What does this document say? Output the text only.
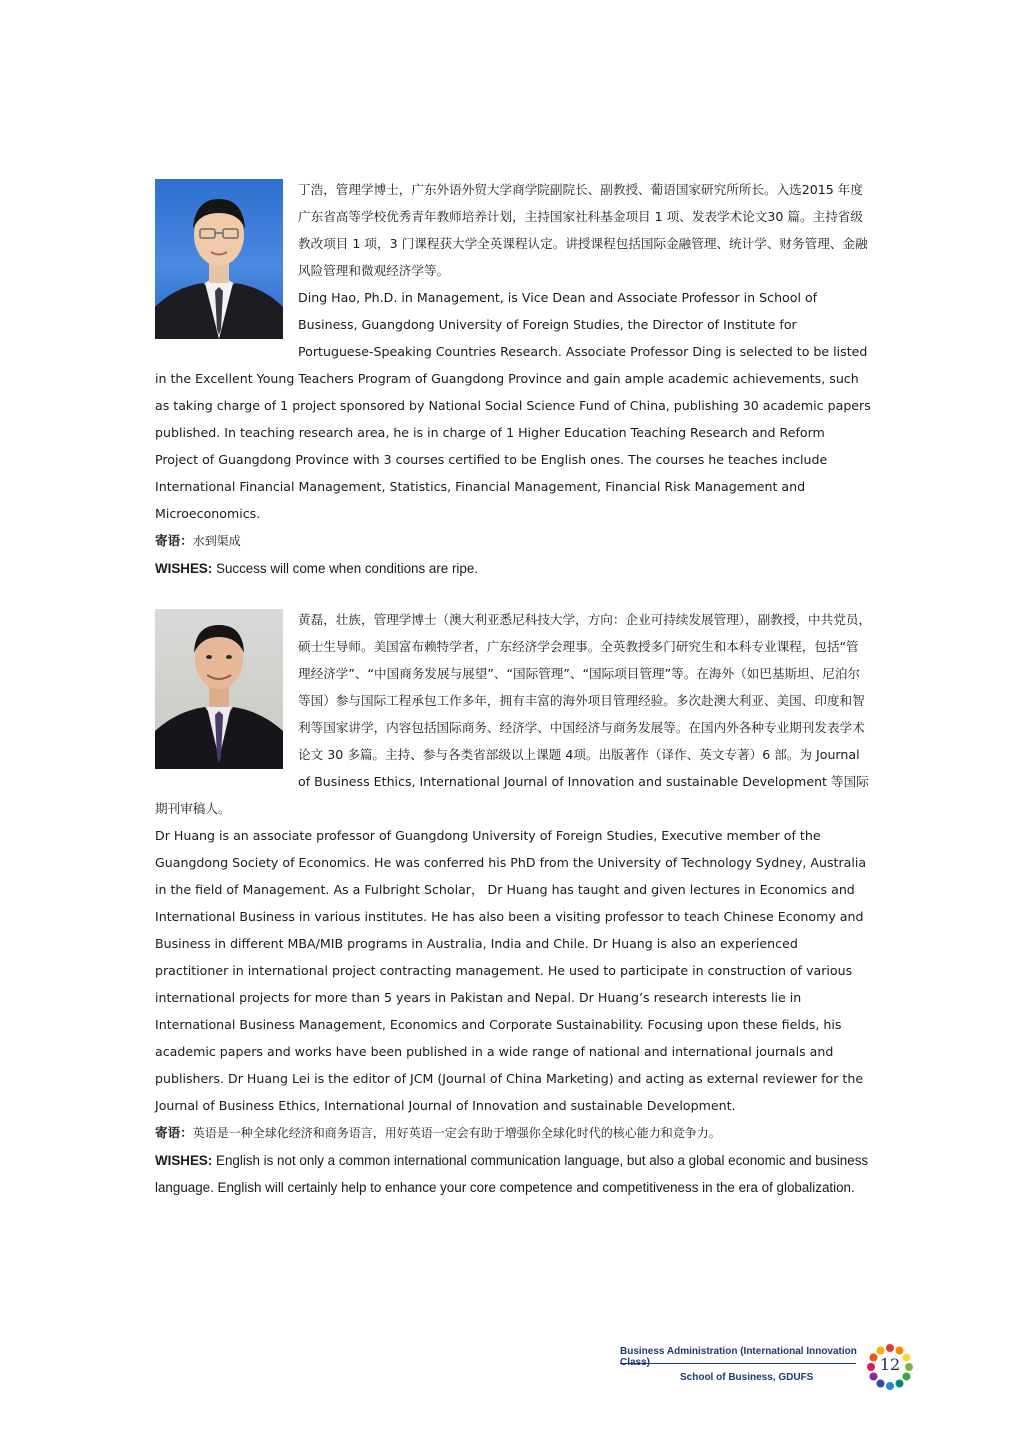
丁浩，管理学博士，广东外语外贸大学商学院副院长、副教授、葡语国家研究所所长。入选2015 年度广东省高等学校优秀青年教师培养计划，主持国家社科基金项目 1 项、发表学术论文30 篇。主持省级教改项目 1 项，3 门课程获大学全英课程认定。讲授课程包括国际金融管理、统计学、财务管理、金融风险管理和微观经济学等。

Ding Hao, Ph.D. in Management, is Vice Dean and Associate Professor in School of Business, Guangdong University of Foreign Studies, the Director of Institute for Portuguese-Speaking Countries Research. Associate Professor Ding is selected to be listed in the Excellent Young Teachers Program of Guangdong Province and gain ample academic achievements, such as taking charge of 1 project sponsored by National Social Science Fund of China, publishing 30 academic papers published. In teaching research area, he is in charge of 1 Higher Education Teaching Research and Reform Project of Guangdong Province with 3 courses certified to be English ones. The courses he teaches include International Financial Management, Statistics, Financial Management, Financial Risk Management and Microeconomics.

寄语：水到渠成

WISHES: Success will come when conditions are ripe.

黄磊，壮族，管理学博士（澳大利亚悉尼科技大学，方向：企业可持续发展管理），副教授，中共党员，硕士生导师。美国富布赖特学者，广东经济学会理事。全英教授多门研究生和本科专业课程，包括“管理经济学”、“中国商务发展与展望”、“国际管理”、“国际项目管理”等。在海外（如巴基斯坦、尼泊尔等国）参与国际工程承包工作多年，拥有丰富的海外项目管理经验。多次赴澳大利亚、美国、印度和智利等国家讲学，内容包括国际商务、经济学、中国经济与商务发展等。在国内外各种专业期刊发表学术论文 30 多篇。主持、参与各类省部级以上课题 4项。出版著作（译作、英文专著）6 部。为 Journal of Business Ethics, International Journal of Innovation and sustainable Development 等国际期刊审稿人。

Dr Huang is an associate professor of Guangdong University of Foreign Studies, Executive member of the Guangdong Society of Economics. He was conferred his PhD from the University of Technology Sydney, Australia in the field of Management. As a Fulbright Scholar， Dr Huang has taught and given lectures in Economics and International Business in various institutes. He has also been a visiting professor to teach Chinese Economy and Business in different MBA/MIB programs in Australia, India and Chile. Dr Huang is also an experienced practitioner in international project contracting management. He used to participate in construction of various international projects for more than 5 years in Pakistan and Nepal. Dr Huang’s research interests lie in International Business Management, Economics and Corporate Sustainability. Focusing upon these fields, his academic papers and works have been published in a wide range of national and international journals and publishers. Dr Huang Lei is the editor of JCM (Journal of China Marketing) and acting as external reviewer for the Journal of Business Ethics, International Journal of Innovation and sustainable Development.

寄语：英语是一种全球化经济和商务语言，用好英语一定会有助于增强你全球化时代的核心能力和竞争力。

WISHES: English is not only a common international communication language, but also a global economic and business language. English will certainly help to enhance your core competence and competitiveness in the era of globalization.

Business Administration (International Innovation
School of Business, GDUFS
12
